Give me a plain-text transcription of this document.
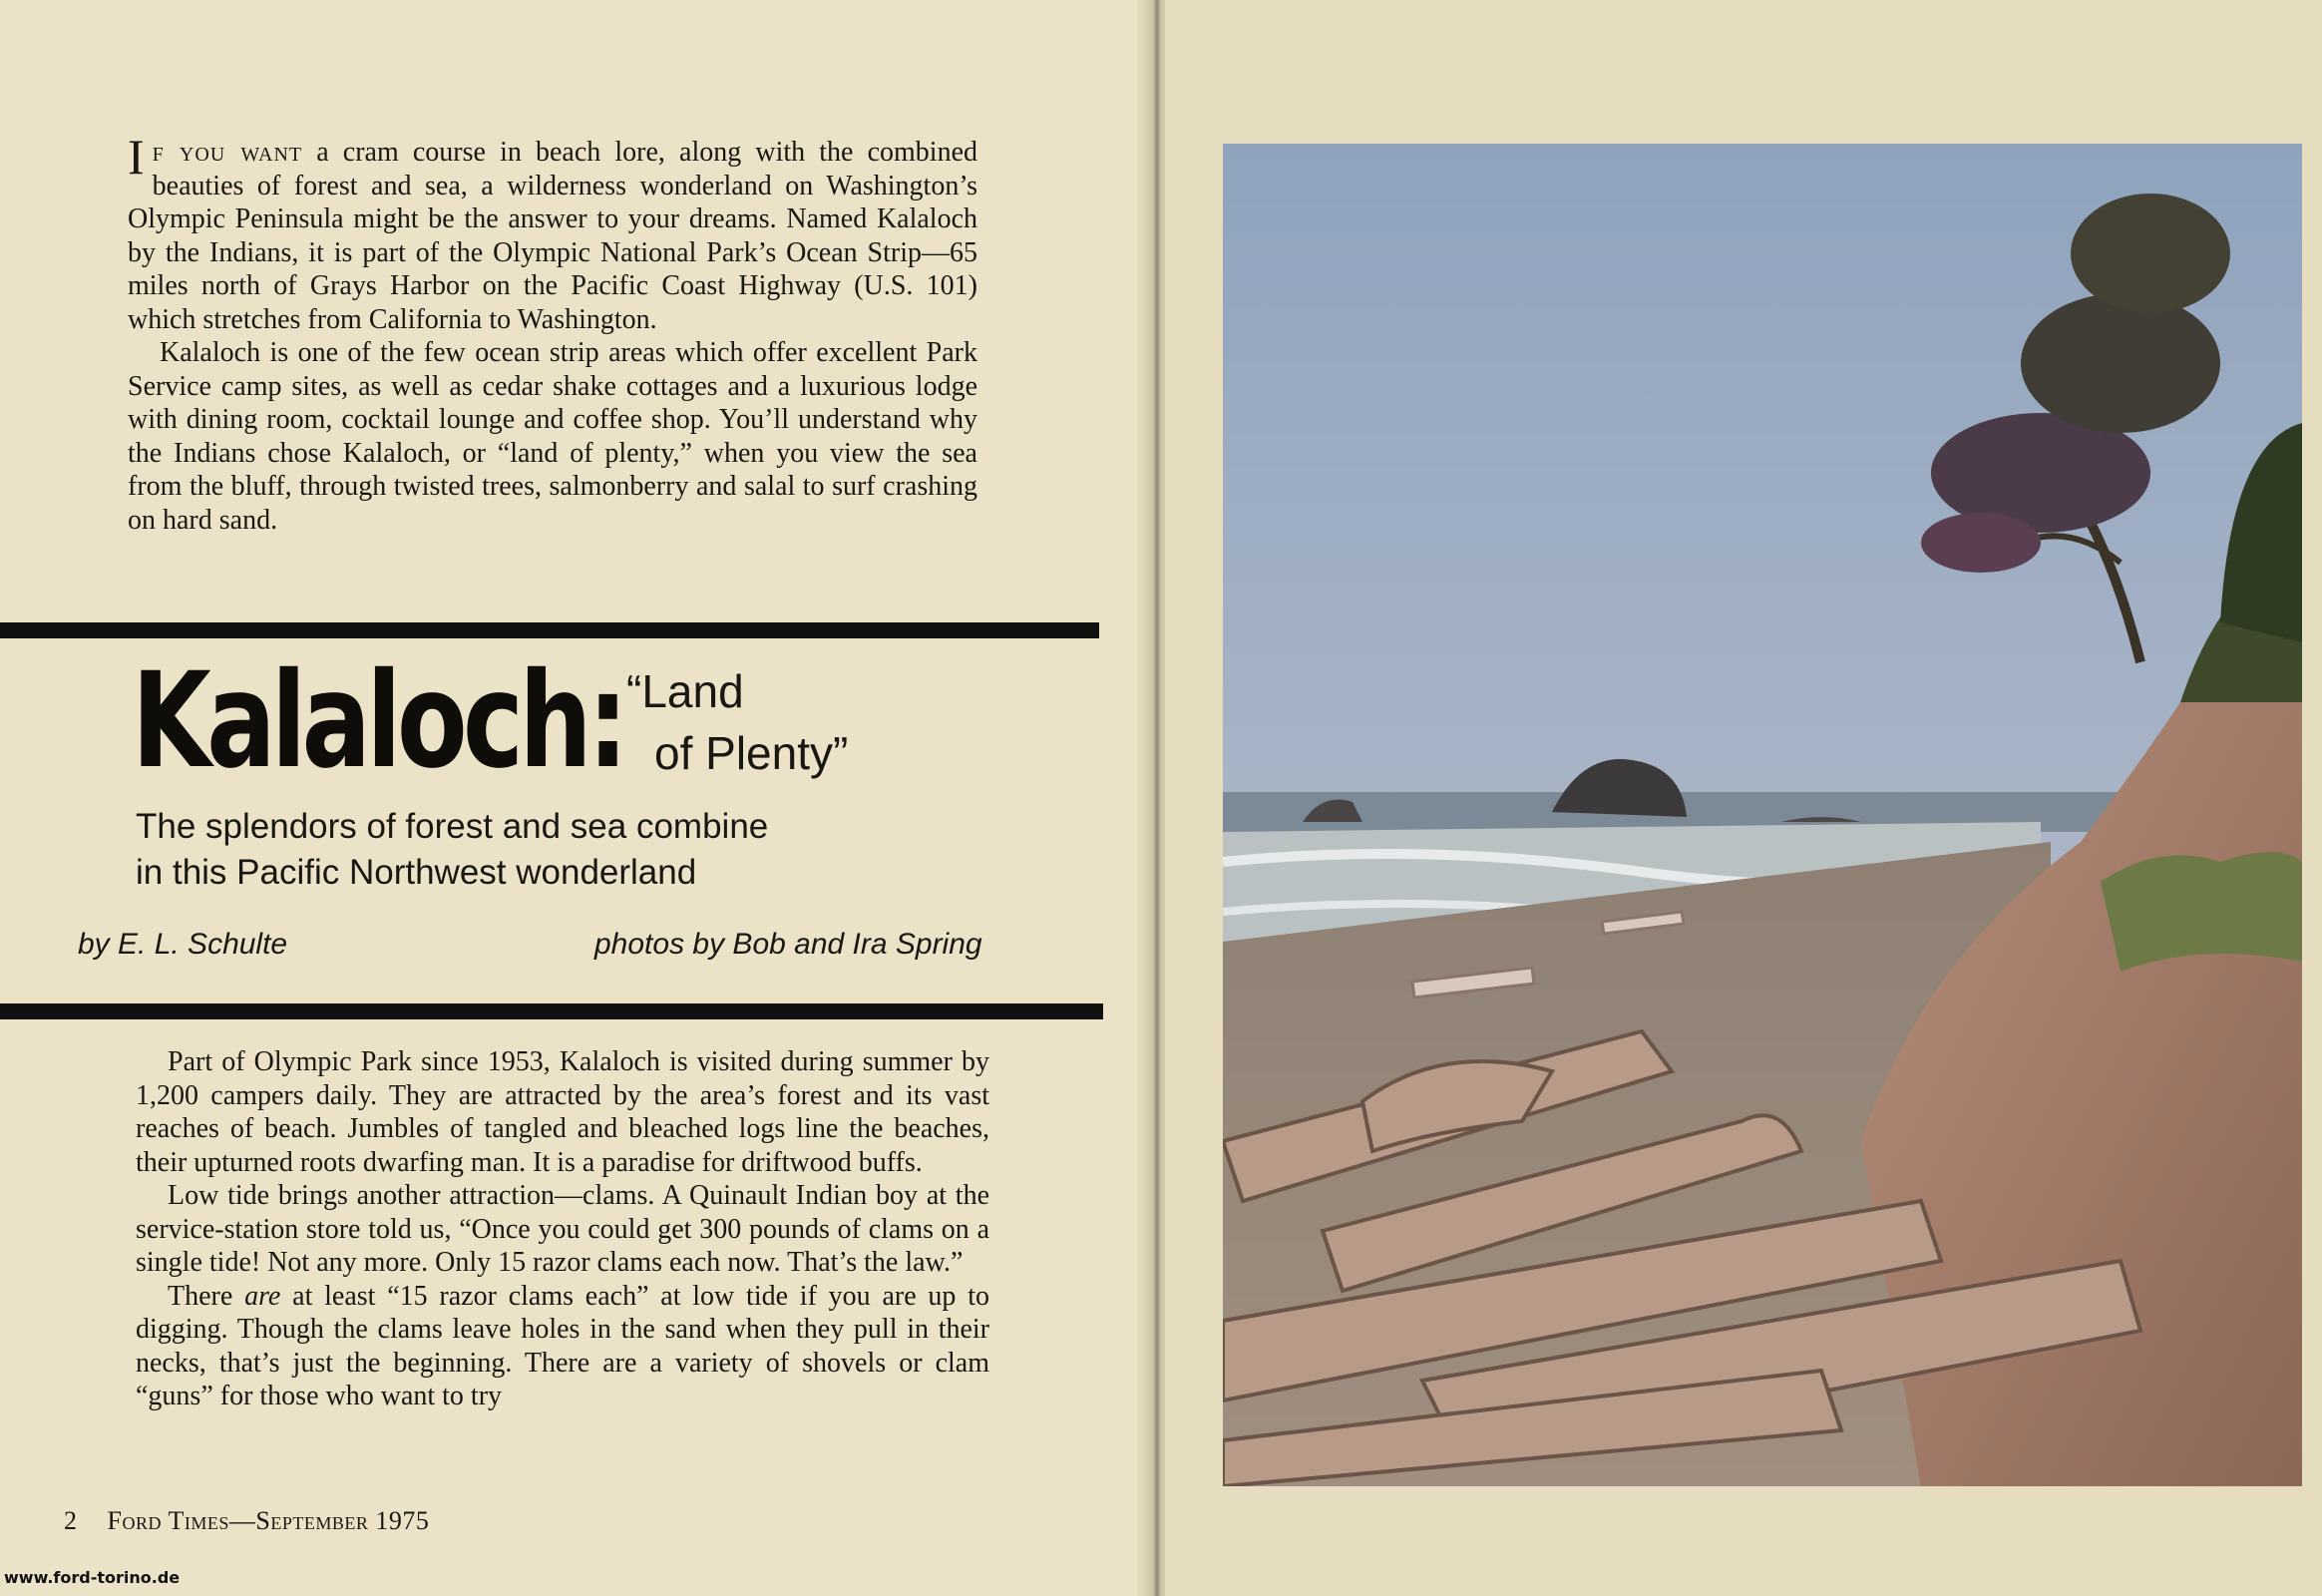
If you want a cram course in beach lore, along with the combined beauties of forest and sea, a wilderness wonderland on Washington’s Olympic Peninsula might be the answer to your dreams. Named Kalaloch by the Indians, it is part of the Olympic National Park’s Ocean Strip—65 miles north of Grays Harbor on the Pacific Coast Highway (U.S. 101) which stretches from California to Washington.

Kalaloch is one of the few ocean strip areas which offer excellent Park Service camp sites, as well as cedar shake cottages and a luxurious lodge with dining room, cocktail lounge and coffee shop. You’ll understand why the Indians chose Kalaloch, or “land of plenty,” when you view the sea from the bluff, through twisted trees, salmonberry and salal to surf crashing on hard sand.

Kalaloch: “Land
of Plenty”
The splendors of forest and sea combine
in this Pacific Northwest wonderland

by E. L. Schulte	photos by Bob and Ira Spring

Part of Olympic Park since 1953, Kalaloch is visited during summer by 1,200 campers daily. They are attracted by the area’s forest and its vast reaches of beach. Jumbles of tangled and bleached logs line the beaches, their upturned roots dwarfing man. It is a paradise for driftwood buffs.

Low tide brings another attraction—clams. A Quinault Indian boy at the service-station store told us, “Once you could get 300 pounds of clams on a single tide! Not any more. Only 15 razor clams each now. That’s the law.”

There are at least “15 razor clams each” at low tide if you are up to digging. Though the clams leave holes in the sand when they pull in their necks, that’s just the beginning. There are a variety of shovels or clam “guns” for those who want to try

2 Ford Times—September 1975

www.ford-torino.de
